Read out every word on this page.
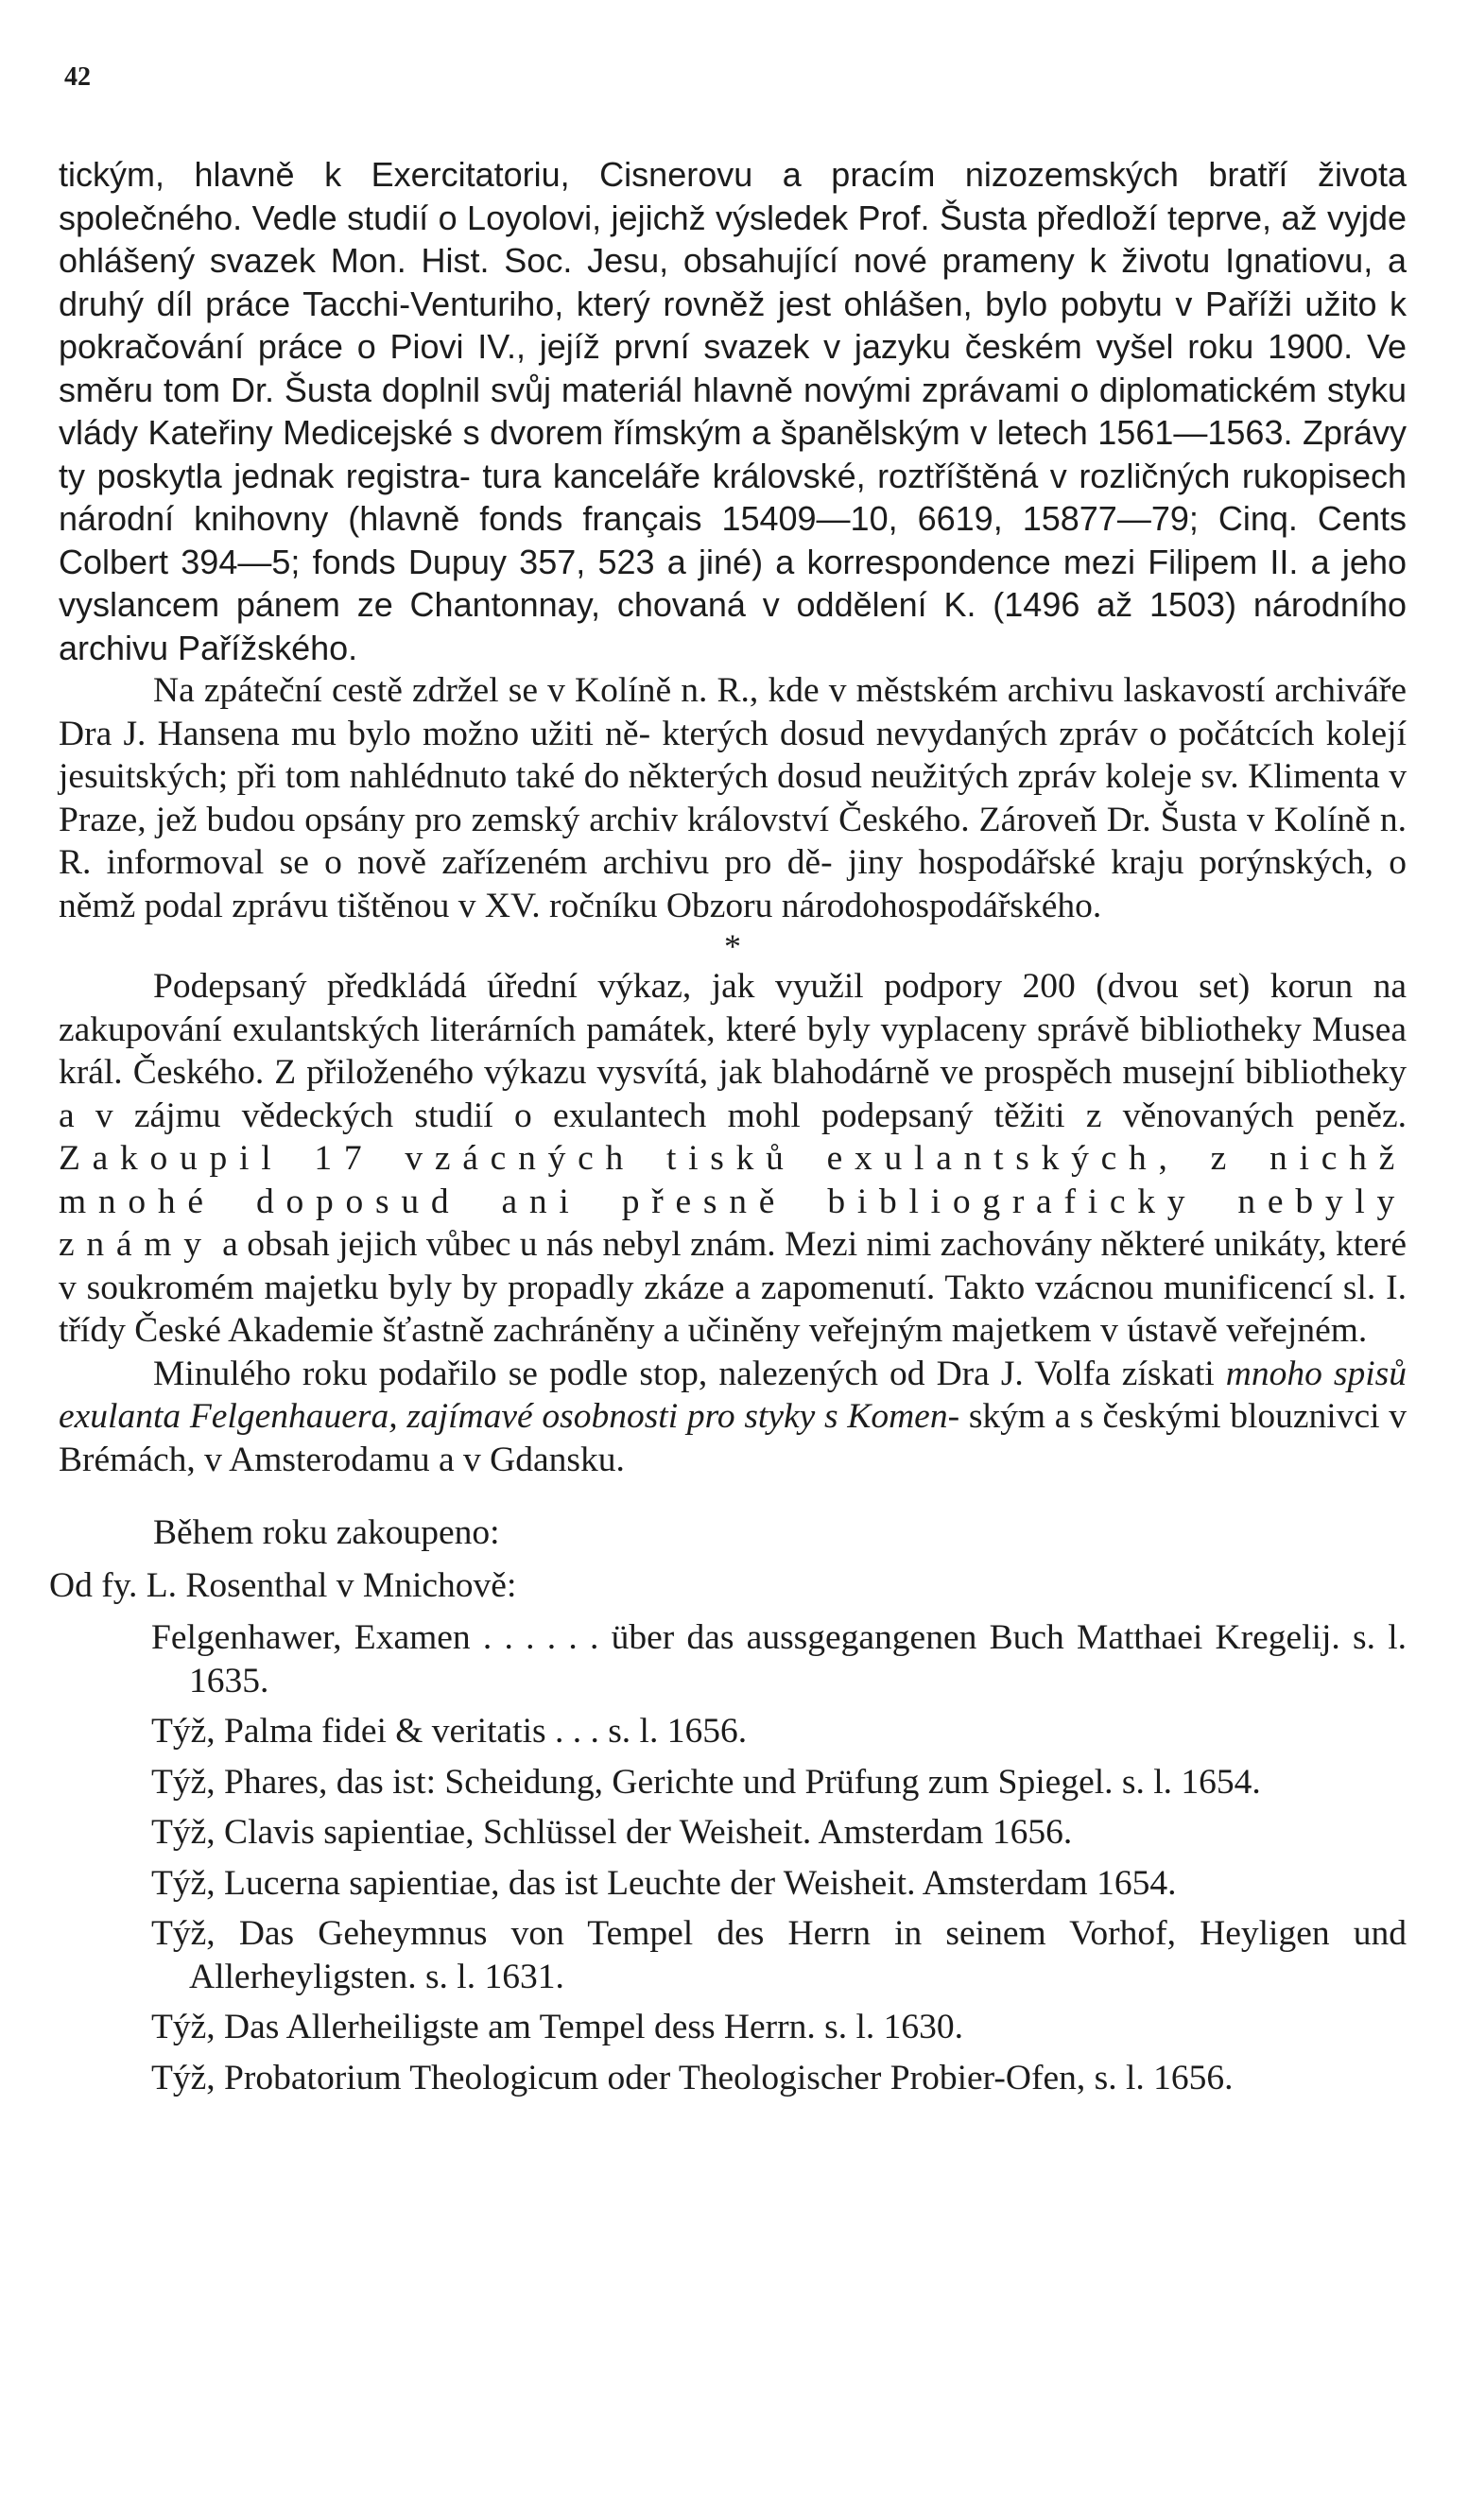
42

tickým, hlavně k Exercitatoriu, Cisnerovu a pracím nizozemských bratří života společného. Vedle studií o Loyolovi, jejichž výsledek Prof. Šusta předloží teprve, až vyjde ohlášený svazek Mon. Hist. Soc. Jesu, obsahující nové prameny k životu Ignatiovu, a druhý díl práce Tacchi-Venturiho, který rovněž jest ohlášen, bylo pobytu v Paříži užito k pokračování práce o Piovi IV., jejíž první svazek v jazyku českém vyšel roku 1900. Ve směru tom Dr. Šusta doplnil svůj materiál hlavně novými zprávami o diplomatickém styku vlády Kateřiny Medicejské s dvorem římským a španělským v letech 1561—1563. Zprávy ty poskytla jednak registra- tura kanceláře královské, roztříštěná v rozličných rukopisech národní knihovny (hlavně fonds français 15409—10, 6619, 15877—79; Cinq. Cents Colbert 394—5; fonds Dupuy 357, 523 a jiné) a korrespondence mezi Filipem II. a jeho vyslancem pánem ze Chantonnay, chovaná v oddělení K. (1496 až 1503) národního archivu Pařížského.

Na zpáteční cestě zdržel se v Kolíně n. R., kde v městském archivu laskavostí archiváře Dra J. Hansena mu bylo možno užiti ně- kterých dosud nevydaných zpráv o počátcích kolejí jesuitských; při tom nahlédnuto také do některých dosud neužitých zpráv koleje sv. Klimenta v Praze, jež budou opsány pro zemský archiv království Českého. Zároveň Dr. Šusta v Kolíně n. R. informoval se o nově zařízeném archivu pro dě- jiny hospodářské kraju porýnských, o němž podal zprávu tištěnou v XV. ročníku Obzoru národohospodářského.

*

Podepsaný předkládá úřední výkaz, jak využil podpory 200 (dvou set) korun na zakupování exulantských literárních památek, které byly vyplaceny správě bibliotheky Musea král. Českého. Z přiloženého výkazu vysvítá, jak blahodárně ve prospěch musejní bibliotheky a v zájmu vědeckých studií o exulantech mohl podepsaný těžiti z věnovaných peněz. Zakoupil 17 vzácných tisků exulantských, z nichž mnohé doposud ani přesně bibliograficky nebyly známy a obsah jejich vůbec u nás nebyl znám. Mezi nimi zachovány některé unikáty, které v soukromém majetku byly by propadly zkáze a zapomenutí. Takto vzácnou munificencí sl. I. třídy České Akademie šťastně zachráněny a učiněny veřejným majetkem v ústavě veřejném.

Minulého roku podařilo se podle stop, nalezených od Dra J. Volfa získati mnoho spisů exulanta Felgenhauera, zajímavé osobnosti pro styky s Komen- ským a s českými blouznivci v Brémách, v Amsterodamu a v Gdansku.

Během roku zakoupeno:

Od fy. L. Rosenthal v Mnichově:

Felgenhawer, Examen . . . . . . über das aussgegangenen Buch Matthaei Kregelij. s. l. 1635.
Týž, Palma fidei & veritatis . . . s. l. 1656.
Týž, Phares, das ist: Scheidung, Gerichte und Prüfung zum Spiegel. s. l. 1654.
Týž, Clavis sapientiae, Schlüssel der Weisheit. Amsterdam 1656.
Týž, Lucerna sapientiae, das ist Leuchte der Weisheit. Amsterdam 1654.
Týž, Das Geheymnus von Tempel des Herrn in seinem Vorhof, Heyligen und Allerheyligsten. s. l. 1631.
Týž, Das Allerheiligste am Tempel dess Herrn. s. l. 1630.
Týž, Probatorium Theologicum oder Theologischer Probier-Ofen, s. l. 1656.
